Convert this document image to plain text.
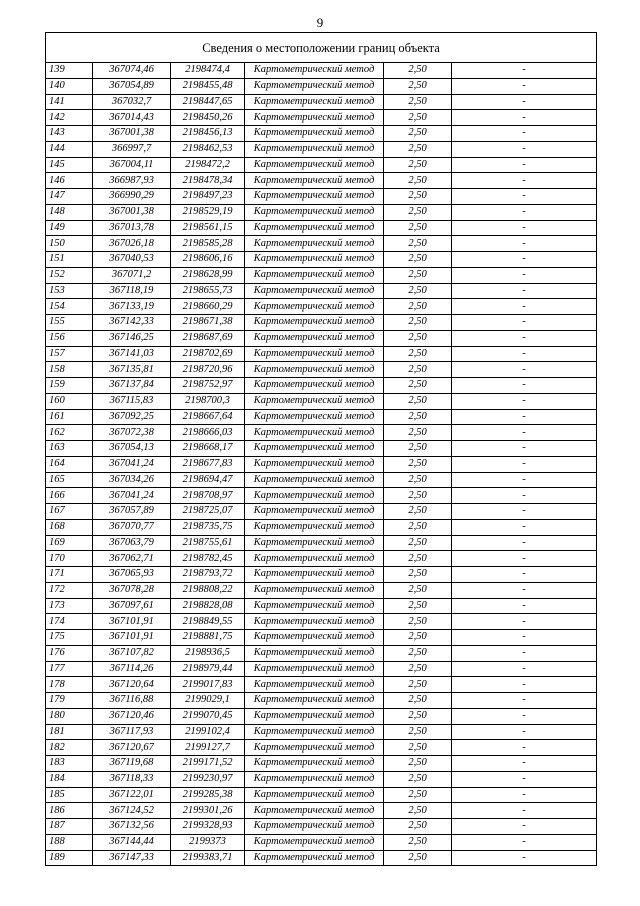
9
Сведения о местоположении границ объекта					
139	367074,46	2198474,4	Картометрический метод	2,50	-
140	367054,89	2198455,48	Картометрический метод	2,50	-
141	367032,7	2198447,65	Картометрический метод	2,50	-
142	367014,43	2198450,26	Картометрический метод	2,50	-
143	367001,38	2198456,13	Картометрический метод	2,50	-
144	366997,7	2198462,53	Картометрический метод	2,50	-
145	367004,11	2198472,2	Картометрический метод	2,50	-
146	366987,93	2198478,34	Картометрический метод	2,50	-
147	366990,29	2198497,23	Картометрический метод	2,50	-
148	367001,38	2198529,19	Картометрический метод	2,50	-
149	367013,78	2198561,15	Картометрический метод	2,50	-
150	367026,18	2198585,28	Картометрический метод	2,50	-
151	367040,53	2198606,16	Картометрический метод	2,50	-
152	367071,2	2198628,99	Картометрический метод	2,50	-
153	367118,19	2198655,73	Картометрический метод	2,50	-
154	367133,19	2198660,29	Картометрический метод	2,50	-
155	367142,33	2198671,38	Картометрический метод	2,50	-
156	367146,25	2198687,69	Картометрический метод	2,50	-
157	367141,03	2198702,69	Картометрический метод	2,50	-
158	367135,81	2198720,96	Картометрический метод	2,50	-
159	367137,84	2198752,97	Картометрический метод	2,50	-
160	367115,83	2198700,3	Картометрический метод	2,50	-
161	367092,25	2198667,64	Картометрический метод	2,50	-
162	367072,38	2198666,03	Картометрический метод	2,50	-
163	367054,13	2198668,17	Картометрический метод	2,50	-
164	367041,24	2198677,83	Картометрический метод	2,50	-
165	367034,26	2198694,47	Картометрический метод	2,50	-
166	367041,24	2198708,97	Картометрический метод	2,50	-
167	367057,89	2198725,07	Картометрический метод	2,50	-
168	367070,77	2198735,75	Картометрический метод	2,50	-
169	367063,79	2198755,61	Картометрический метод	2,50	-
170	367062,71	2198782,45	Картометрический метод	2,50	-
171	367065,93	2198793,72	Картометрический метод	2,50	-
172	367078,28	2198808,22	Картометрический метод	2,50	-
173	367097,61	2198828,08	Картометрический метод	2,50	-
174	367101,91	2198849,55	Картометрический метод	2,50	-
175	367101,91	2198881,75	Картометрический метод	2,50	-
176	367107,82	2198936,5	Картометрический метод	2,50	-
177	367114,26	2198979,44	Картометрический метод	2,50	-
178	367120,64	2199017,83	Картометрический метод	2,50	-
179	367116,88	2199029,1	Картометрический метод	2,50	-
180	367120,46	2199070,45	Картометрический метод	2,50	-
181	367117,93	2199102,4	Картометрический метод	2,50	-
182	367120,67	2199127,7	Картометрический метод	2,50	-
183	367119,68	2199171,52	Картометрический метод	2,50	-
184	367118,33	2199230,97	Картометрический метод	2,50	-
185	367122,01	2199285,38	Картометрический метод	2,50	-
186	367124,52	2199301,26	Картометрический метод	2,50	-
187	367132,56	2199328,93	Картометрический метод	2,50	-
188	367144,44	2199373	Картометрический метод	2,50	-
189	367147,33	2199383,71	Картометрический метод	2,50	-
